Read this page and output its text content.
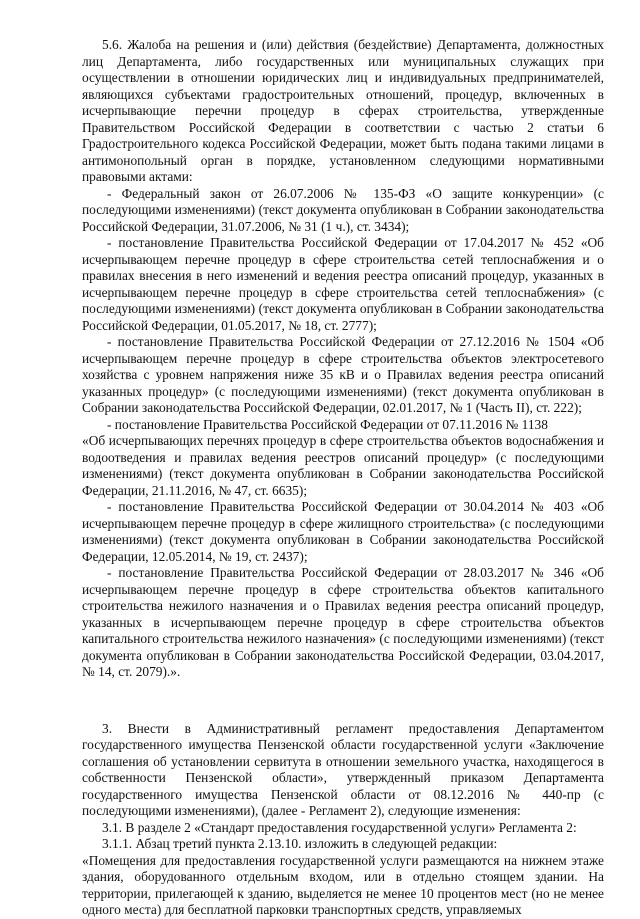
5.6. Жалоба на решения и (или) действия (бездействие) Департамента, должностных лиц Департамента, либо государственных или муниципальных служащих при осуществлении в отношении юридических лиц и индивидуальных предпринимателей, являющихся субъектами градостроительных отношений, процедур, включенных в исчерпывающие перечни процедур в сферах строительства, утвержденные Правительством Российской Федерации в соответствии с частью 2 статьи 6 Градостроительного кодекса Российской Федерации, может быть подана такими лицами в антимонопольный орган в порядке, установленном следующими нормативными правовыми актами:

- Федеральный закон от 26.07.2006 № 135-ФЗ «О защите конкуренции» (с последующими изменениями) (текст документа опубликован в Собрании законодательства Российской Федерации, 31.07.2006, № 31 (1 ч.), ст. 3434);

- постановление Правительства Российской Федерации от 17.04.2017 № 452 «Об исчерпывающем перечне процедур в сфере строительства сетей теплоснабжения и о правилах внесения в него изменений и ведения реестра описаний процедур, указанных в исчерпывающем перечне процедур в сфере строительства сетей теплоснабжения» (с последующими изменениями) (текст документа опубликован в Собрании законодательства Российской Федерации, 01.05.2017, № 18, ст. 2777);

- постановление Правительства Российской Федерации от 27.12.2016 № 1504 «Об исчерпывающем перечне процедур в сфере строительства объектов электросетевого хозяйства с уровнем напряжения ниже 35 кВ и о Правилах ведения реестра описаний указанных процедур» (с последующими изменениями) (текст документа опубликован в Собрании законодательства Российской Федерации, 02.01.2017, № 1 (Часть II), ст. 222);

- постановление Правительства Российской Федерации от 07.11.2016 № 1138

«Об исчерпывающих перечнях процедур в сфере строительства объектов водоснабжения и водоотведения и правилах ведения реестров описаний процедур» (с последующими изменениями) (текст документа опубликован в Собрании законодательства Российской Федерации, 21.11.2016, № 47, ст. 6635);

- постановление Правительства Российской Федерации от 30.04.2014 № 403 «Об исчерпывающем перечне процедур в сфере жилищного строительства» (с последующими изменениями) (текст документа опубликован в Собрании законодательства Российской Федерации, 12.05.2014, № 19, ст. 2437);

- постановление Правительства Российской Федерации от 28.03.2017 № 346 «Об исчерпывающем перечне процедур в сфере строительства объектов капитального строительства нежилого назначения и о Правилах ведения реестра описаний процедур, указанных в исчерпывающем перечне процедур в сфере строительства объектов капитального строительства нежилого назначения» (с последующими изменениями) (текст документа опубликован в Собрании законодательства Российской Федерации, 03.04.2017, № 14, ст. 2079).».

3. Внести в Административный регламент предоставления Департаментом государственного имущества Пензенской области государственной услуги «Заключение соглашения об установлении сервитута в отношении земельного участка, находящегося в собственности Пензенской области», утвержденный приказом Департамента государственного имущества Пензенской области от 08.12.2016 № 440-пр (с последующими изменениями), (далее - Регламент 2), следующие изменения:

3.1. В разделе 2 «Стандарт предоставления государственной услуги» Регламента 2:

3.1.1. Абзац третий пункта 2.13.10. изложить в следующей редакции:

«Помещения для предоставления государственной услуги размещаются на нижнем этаже здания, оборудованного отдельным входом, или в отдельно стоящем здании. На территории, прилегающей к зданию, выделяется не менее 10 процентов мест (но не менее одного места) для бесплатной парковки транспортных средств, управляемых
